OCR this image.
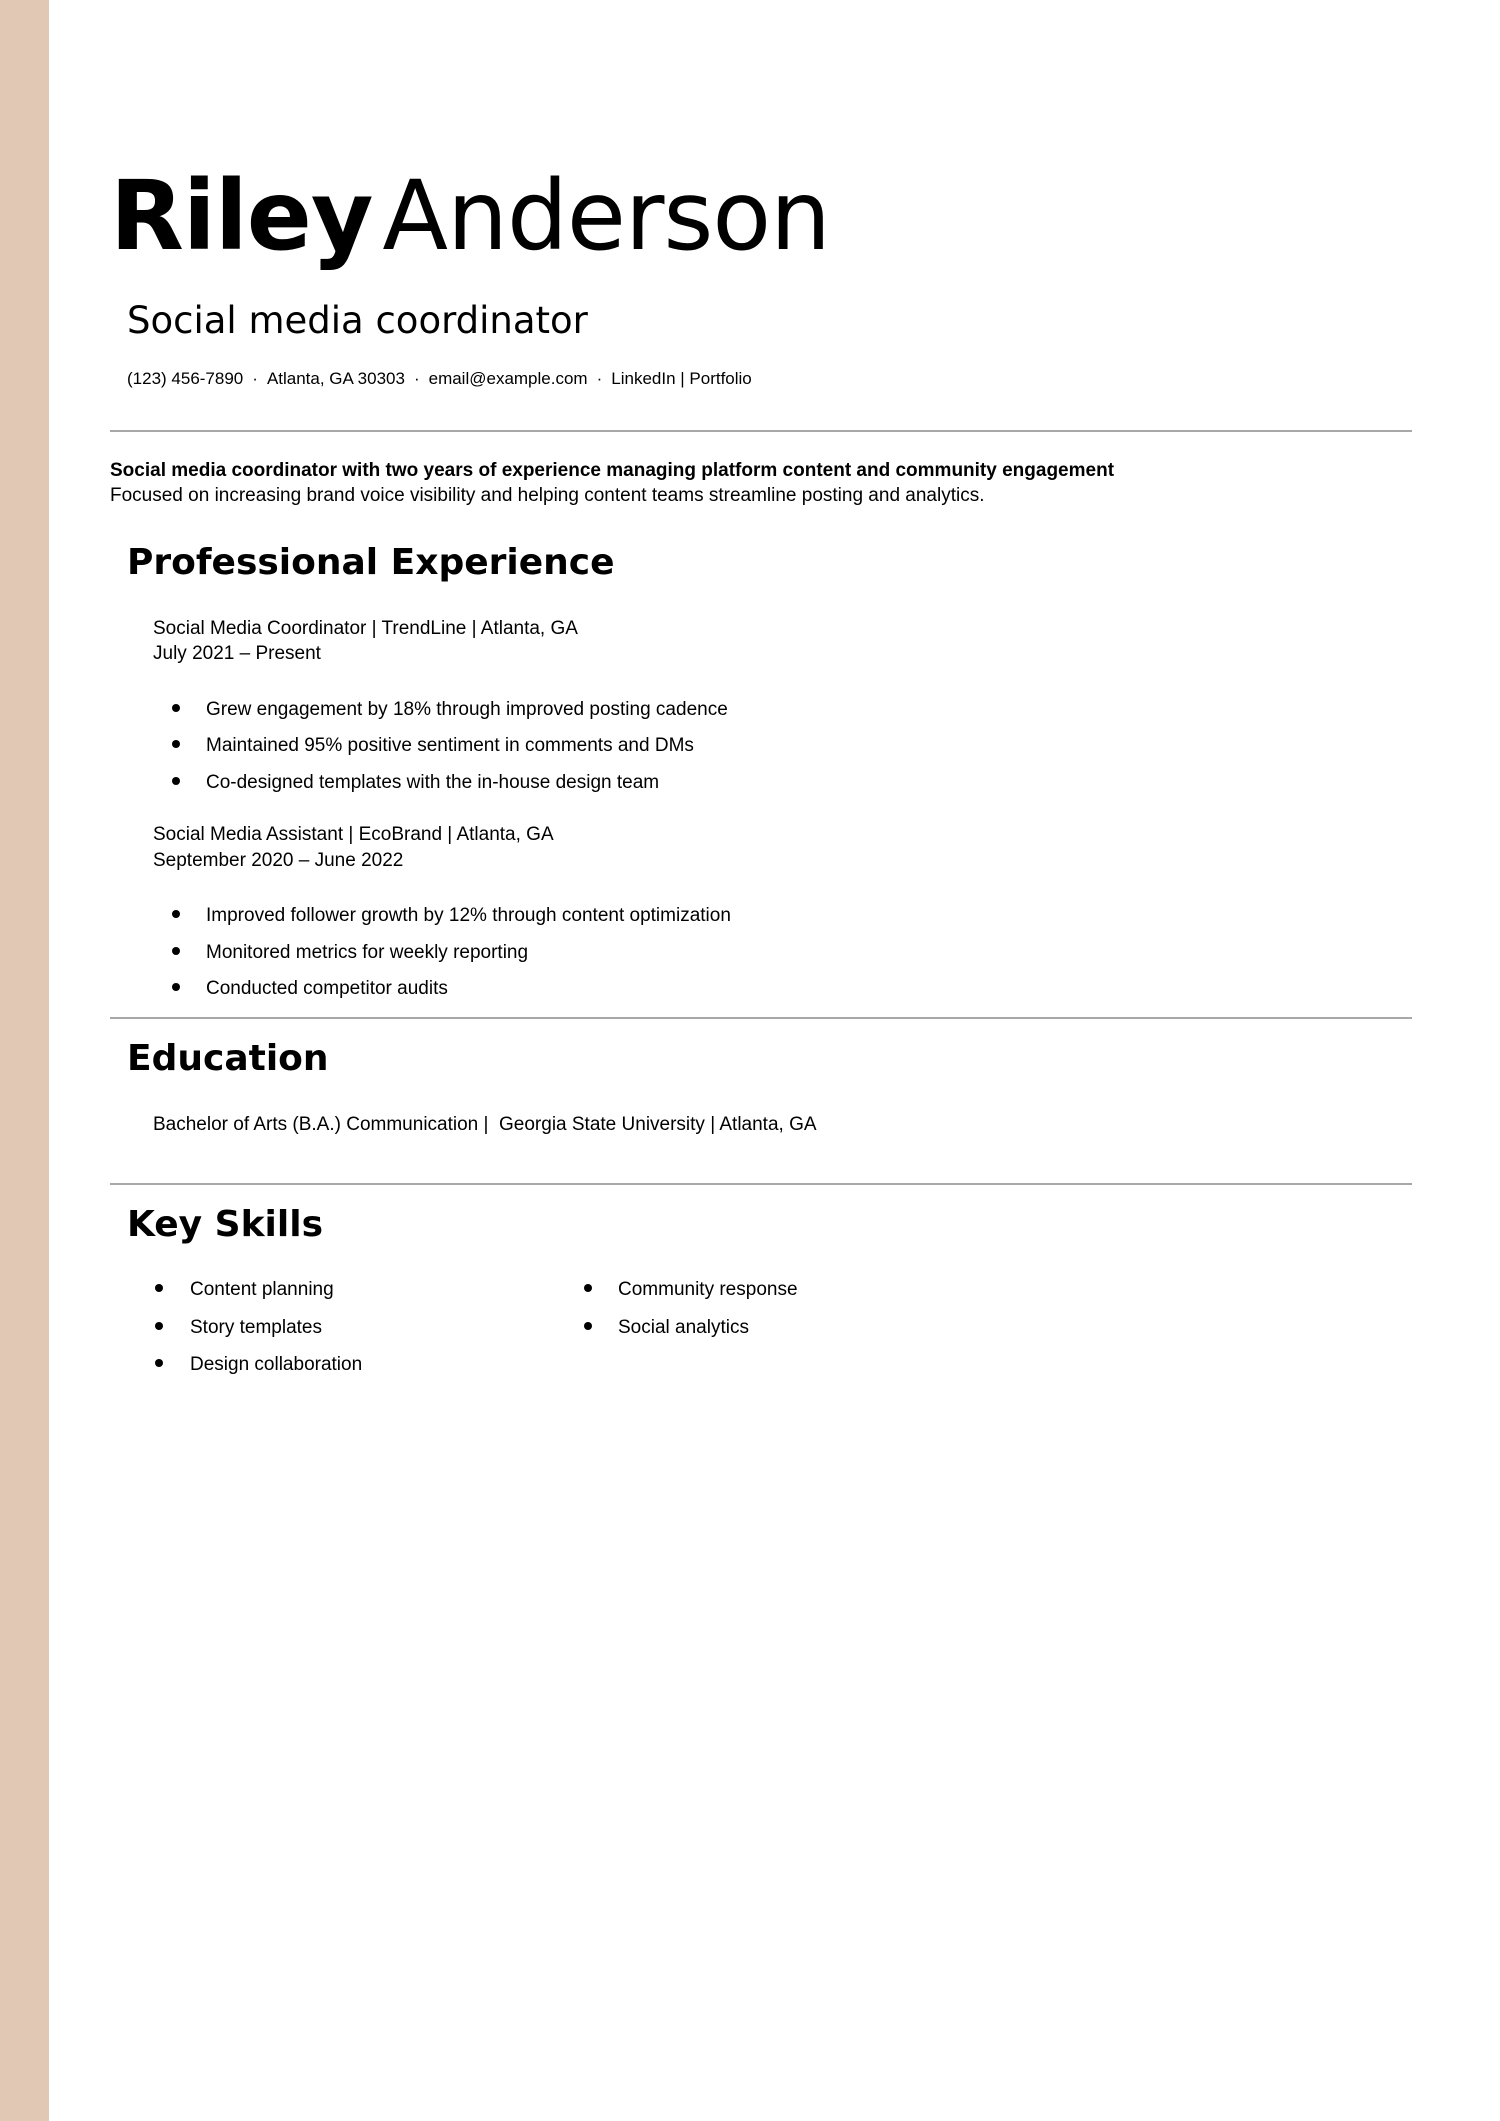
Riley Anderson
Social media coordinator
(123) 456-7890 · Atlanta, GA 30303 · email@example.com · LinkedIn | Portfolio
Social media coordinator with two years of experience managing platform content and community engagement
Focused on increasing brand voice visibility and helping content teams streamline posting and analytics.
Professional Experience
Social Media Coordinator | TrendLine | Atlanta, GA
July 2021 – Present
Grew engagement by 18% through improved posting cadence
Maintained 95% positive sentiment in comments and DMs
Co-designed templates with the in-house design team
Social Media Assistant | EcoBrand | Atlanta, GA
September 2020 – June 2022
Improved follower growth by 12% through content optimization
Monitored metrics for weekly reporting
Conducted competitor audits
Education
Bachelor of Arts (B.A.) Communication |  Georgia State University | Atlanta, GA
Key Skills
Content planning
Story templates
Design collaboration
Community response
Social analytics
